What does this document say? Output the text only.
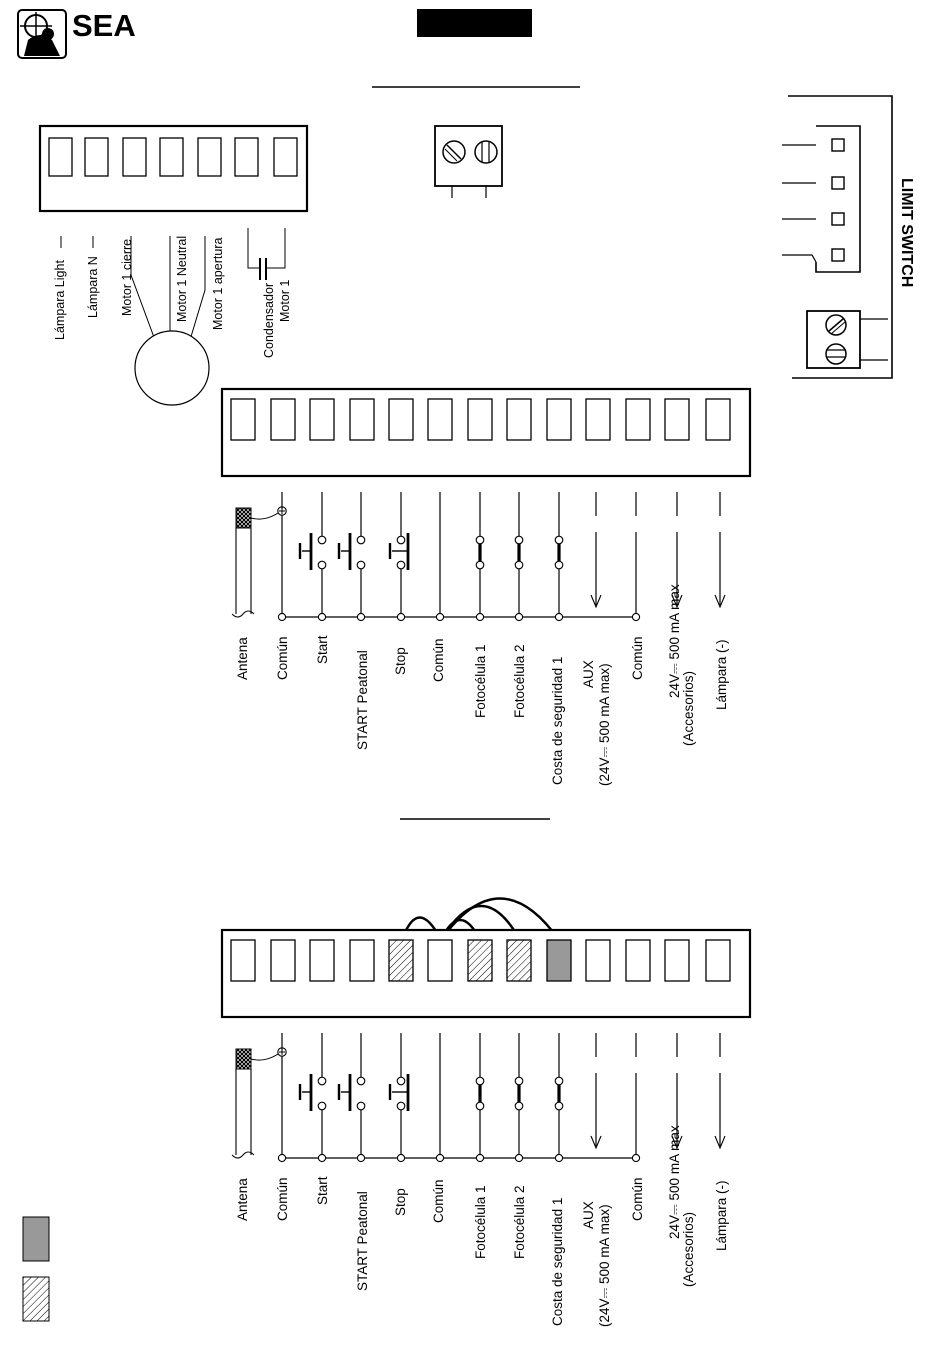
SEA
Lámpara Light Lámpara N Motor 1 cierre	Motor 1 Neutral Motor 1 apertura	Condensador Motor 1
LIMIT SWITCH
Antena Común Start
START Peatonal Stop Común Fotocélula 1 Fotocélula 2 Costa de seguridad 1 AUX	Común 24V⎓ 500 mA max Lámpara (-)
(24V⎓ 500 mA max)	(Accesorios)
Antena Común Start
START Peatonal Stop Común Fotocélula 1 Fotocélula 2 Costa de seguridad 1 AUX	Común 24V⎓ 500 mA max Lámpara (-)
(24V⎓ 500 mA max)	(Accesorios)
